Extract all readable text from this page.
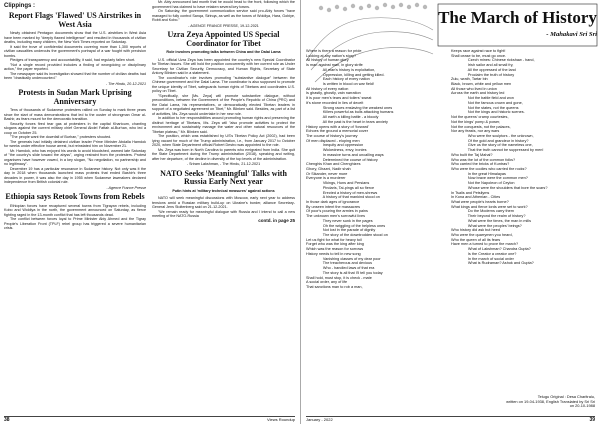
Clippings :
Report Flags 'Flawed' US Airstrikes in West Asia

Newly obtained Pentagon documents show that the U.S. airstrikes in West Asia have been marked by "deeply flawed intelligence" and resulted in thousands of civilian deaths, including many children, the New York Times reported on Saturday.

It said the trove of confidential documents covering more than 1,300 reports of civilian casualties undercuts the government's portrayal of a war fought with precision bombs.

Pledges of transparency and accountability, it said, had regularly fallen short.

"Not a single record provided includes a finding of wrongdoing or disciplinary action," the paper reported.

The newspaper said its investigation showed that the number of civilian deaths had been "drastically undercounted."

- The Hindu, 20-12-2021
Protests in Sudan Mark Uprising Anniversary

Tens of thousands of Sudanese protesters rallied on Sunday to mark three years since the start of mass demonstrations that led to the ouster of strongman Omar al-Bashir, as fears mount for the democratic transition.

Security forces fired tear gas at protesters in the capital Khartoum, chanting slogans against the current military chief General Abdel Fattah al-Burhan, who led a coup on October 25.

"The people want the downfall of Burhan," protesters shouted.

The generals had initially detained civilian leader Prime Minister Abdalla Hamdok for weeks under effective house arrest, but reinstated him on November 21.

Mr. Hamdok, who has enjoyed his words to avoid bloodshed, warned late Saturday of "the country's slide toward the abyss", urging restraint from the protesters. Protest organisers have however vowed, in a key slogan, "No negotiation, no partnership and no legitimacy".

December 19 has a particular resonance in Sudanese history. Not only was it the day in 2018 when thousands launched mass protests that ended Bashir's three decades in power, it was also the day in 1955 when Sudanese lawmakers declared independence from British colonial rule.

- Agence France Presse
Ethiopia says Retook Towns from Rebels

Ethiopian forces have recaptured several towns from Tigrayan rebels, including Kobo and Woldiya in the north, the government announced on Saturday, as fierce fighting raged in the 13-month conflict that has left thousands dead.

The conflict between forces loyal to Prime Minister Abiy Ahmed and the Tigray People's Liberation Front (TPLF) rebel group has triggered a severe humanitarian crisis.

Mr. Abiy announced last month that he would head to the front, following which the government has claimed to have retaken several key towns.

On Saturday, the government communication service said pro-Abiy forces "have managed to fully control Sanqa, Sirinqa, as well as the towns of Woldiya, Hara, Gobiye, Robit and Kobo."

- AGENCE FRANCE PRESSE, 19-12-2021
Uzra Zeya Appointed US Special Coordinator for Tibet
Role involves promoting talks between China and the Dalai Lama

U.S. official Uzra Zeya has been appointed the country's new Special Coordinator for Tibetan Issues. She will hold the position concurrently with her current role as Under Secretary for Civilian Security, Democracy, and Human Rights, Secretary of State Antony Blinken said in a statement.

The coordinator's role involves promoting "substantive dialogue" between the Chinese government and the Dalai Lama. The coordinator is also supposed to promote the unique identity of Tibet, safeguards human rights of Tibetans and coordinates U.S. policy on Tibet.

"Specifically, she [Ms. Zeya] will promote substantive dialogue, without preconditions, between the Government of the People's Republic of China (PRC) and the Dalai Lama, his representatives, or democratically elected Tibetan leaders in support of a negotiated agreement on Tibet," Mr. Blinken said. Besides, as part of a list of activities, Ms. Zeya would undertake in her new role.

In addition to her responsibilities around promoting human rights and preserving the distinct heritage of Tibetans, Ms. Zeya will "also promote activities to protect the environment and sustainably manage the water and other natural resources of the Tibetan plateau," Mr. Blinken said.

The position, which was established by US's Tibetan Policy Act (2002), had been lying vacant for much of the Trump administration, i.e., from January 2017 to October 2020, when State Department official Robert Destro was appointed to the role.

Ms. Zeya was born in North Carolina to parents who emigrated from India. She quit the State Department during the Trump administration (2018), speaking and writing, after her departure, of the decline in diversity of the top levels of the administration.

- Sriram Lakshman, - The Hindu, 21-12-2021
NATO Seeks 'Meaningful' Talks with Russia Early Next year
Putin hints at 'military technical measures' against actions

NATO will seek meaningful discussions with Moscow, early next year to address tensions amid a Russian military build-up on Ukraine's border, alliance Secretary-General Jens Stoltenberg said on 21-12-2021.

"We remain ready for meaningful dialogue with Russia and I intend to call a new meeting of the NATO-Russia

contd. in page 25
38	Views Roundup
The March of History
- Mahakavi Sri Sri
Where is there a reason for pride
Looking at any nation's story?
All history of human glory
Is man against man, in glory strife
All man's history is exploitation,
Oppression, killing and getting killed.
Each history of every nation
Is written in blood on war field!
All history of every nation
Is ghastly, ghostly, vain narration
It is poor men's tears and toilers' sweat
It's stone recorded in lies of deceit
Strong races enslaving the weakest ones
Killers powerful as bulls attacking humans
All earth a killing battle - a bloody
All the past is the heart in tears anxiety
History opens with a story of 'forward'
Echoes the ground a memorial cover
The course of history's journey
Of men displaced - eloping men
Inequity and oppression
Wickedness, envy, ironies
In massive turns and uncalling ways
Determined the course of history
Chenghis Khan and Chenghizes
Ghory, Ghazni, Nadir shah
Or Sikander, never more
Everyone is a murderer
Vikings, Huns and Persians
Pindaris, Tai-pings all so fierce
Erected a history of men-shrews
A history of that mankind stood on
In those dark ages of ignorance
By unseen intent the massacres
Of poor's pouring the armies in pains
The unknown men's sorrowful lives
They never sunk in the pages
Oh the wriggling of the helpless ones
Not lost in the parade of dignity
The story of the downtrodden stood on
Let us fight for what for heavy toil
Forget who was the king after king
Which was the reason for sorrows
History needs to tell in new song
Vanishing classes of my dear poor
The treacherous and devious
Who - handled laws of that era
The story is all that I'll tell you today
Shall hold, must stop, it is check - mate
A social order, any of life
That sanctions man to rob a man,
Keeps race against race to fight!
Shall cease to be, must go once.
Czech mines: Chinese rickshaw - hand,
Irish sailor and all small fry,
All the oppressed of the land
Proclaim the truth of history
Zulu, wrath, Tartar bin
Black, brown, white and yellow men
All those who lived in union
Across the earth and history led
Not the battle field and won
Not the famous crown and gone,
Not the states, not the queens
Not the kings and historic scenes.
Not the queens' cramp courtesies,
Not the kings' pomp & power,
Not the conquests, not the palaces,
Nor any feasts, nor any wars
Who were the sculptors - the unknown,
Of the gold and grandeur in history?
Give us the story of the nameless one,
That the truth cannot be suppressed by men!
Who built the Taj Mahal?
Who was the lot of the common folks?
Who carried the bricks of Kuntras?
Who were the coolies who carried the rocks?
In the great Himalayas
Now brave were the common men?
Not the Napoleon of Ceylon
Whose were the shoulders that bore the scars?
In Tsalis and Petsliyms
In Kona and Athenian - Cities
What were people's hearts borne?
What kings and fierce lords were set to work?
Do the Moderns carry them
Their beyond the realm of history?
What were the times, the man in mills
What were the peoples' beings?
Who history did ask but heed
Who were the quarrymen you heard,
Who the queen of all its fears
Have men a turned to prove the march?
What of Lakshman? Chandra Gupta?
Is the Creator a creator one?
In the march of social order
What is Rudraman? Ashok and Gupta?
Telugu Original : Desa Charitralu,
written on 19-04-1938, English Translated by Sri Sri
on 20-10-1988
January - 2022	39
